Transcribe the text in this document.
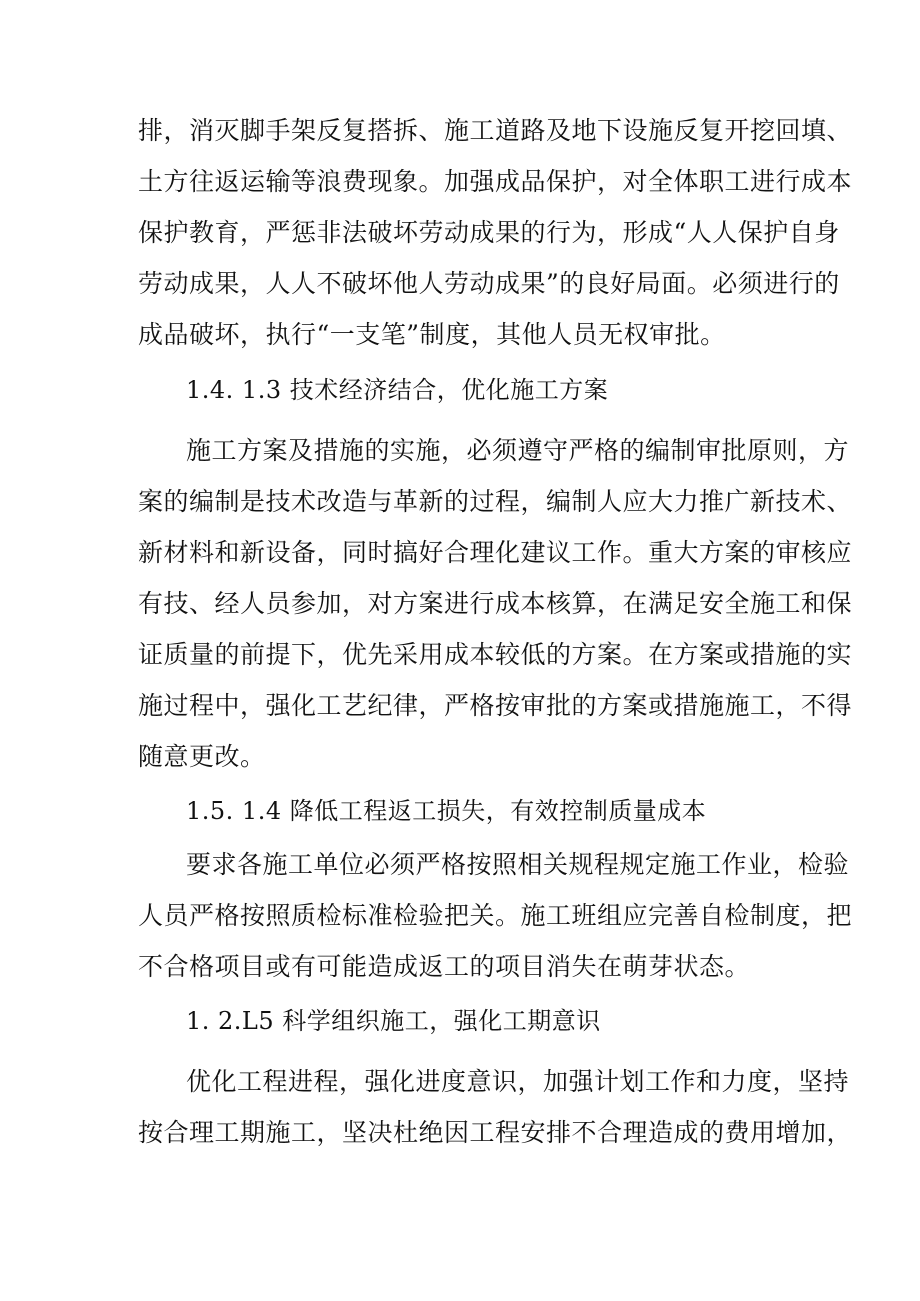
排，消灭脚手架反复搭拆、施工道路及地下设施反复开挖回填、
土方往返运输等浪费现象。加强成品保护，对全体职工进行成本
保护教育，严惩非法破坏劳动成果的行为，形成“人人保护自身
劳动成果，人人不破坏他人劳动成果”的良好局面。必须进行的
成品破坏，执行“一支笔”制度，其他人员无权审批。
1.4. 1.3 技术经济结合，优化施工方案
施工方案及措施的实施，必须遵守严格的编制审批原则，方
案的编制是技术改造与革新的过程，编制人应大力推广新技术、
新材料和新设备，同时搞好合理化建议工作。重大方案的审核应
有技、经人员参加，对方案进行成本核算，在满足安全施工和保
证质量的前提下，优先采用成本较低的方案。在方案或措施的实
施过程中，强化工艺纪律，严格按审批的方案或措施施工，不得
随意更改。
1.5. 1.4 降低工程返工损失，有效控制质量成本
要求各施工单位必须严格按照相关规程规定施工作业，检验
人员严格按照质检标准检验把关。施工班组应完善自检制度，把
不合格项目或有可能造成返工的项目消失在萌芽状态。
1. 2.L5 科学组织施工，强化工期意识
优化工程进程，强化进度意识，加强计划工作和力度，坚持
按合理工期施工，坚决杜绝因工程安排不合理造成的费用增加，
